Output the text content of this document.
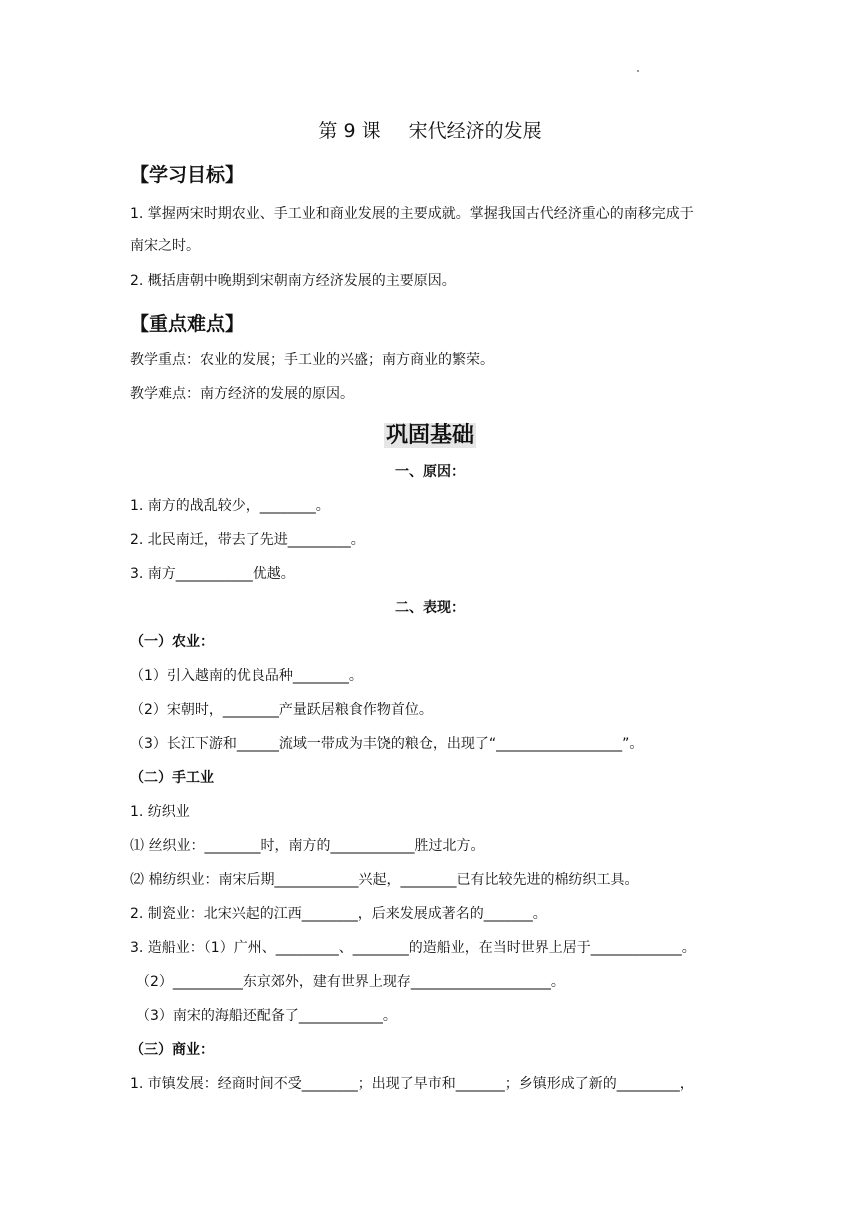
第 9 课 宋代经济的发展
【学习目标】
1. 掌握两宋时期农业、手工业和商业发展的主要成就。掌握我国古代经济重心的南移完成于
南宋之时。
2. 概括唐朝中晚期到宋朝南方经济发展的主要原因。
【重点难点】
教学重点：农业的发展；手工业的兴盛；南方商业的繁荣。
教学难点：南方经济的发展的原因。
巩固基础
一、原因：
1. 南方的战乱较少，________。
2. 北民南迁，带去了先进_________。
3. 南方___________优越。
二、表现：
（一）农业：
（1）引入越南的优良品种________。
（2）宋朝时，________产量跃居粮食作物首位。
（3）长江下游和______流域一带成为丰饶的粮仓，出现了“__________________”。
（二）手工业
1. 纺织业
⑴ 丝织业：________时，南方的____________胜过北方。
⑵ 棉纺织业：南宋后期____________兴起，________已有比较先进的棉纺织工具。
2. 制瓷业：北宋兴起的江西________，后来发展成著名的_______。
3. 造船业：（1）广州、_________、________的造船业，在当时世界上居于_____________。
（2）__________东京郊外，建有世界上现存____________________。
（3）南宋的海船还配备了____________。
（三）商业：
1. 市镇发展：经商时间不受________；出现了早市和_______；乡镇形成了新的_________，
